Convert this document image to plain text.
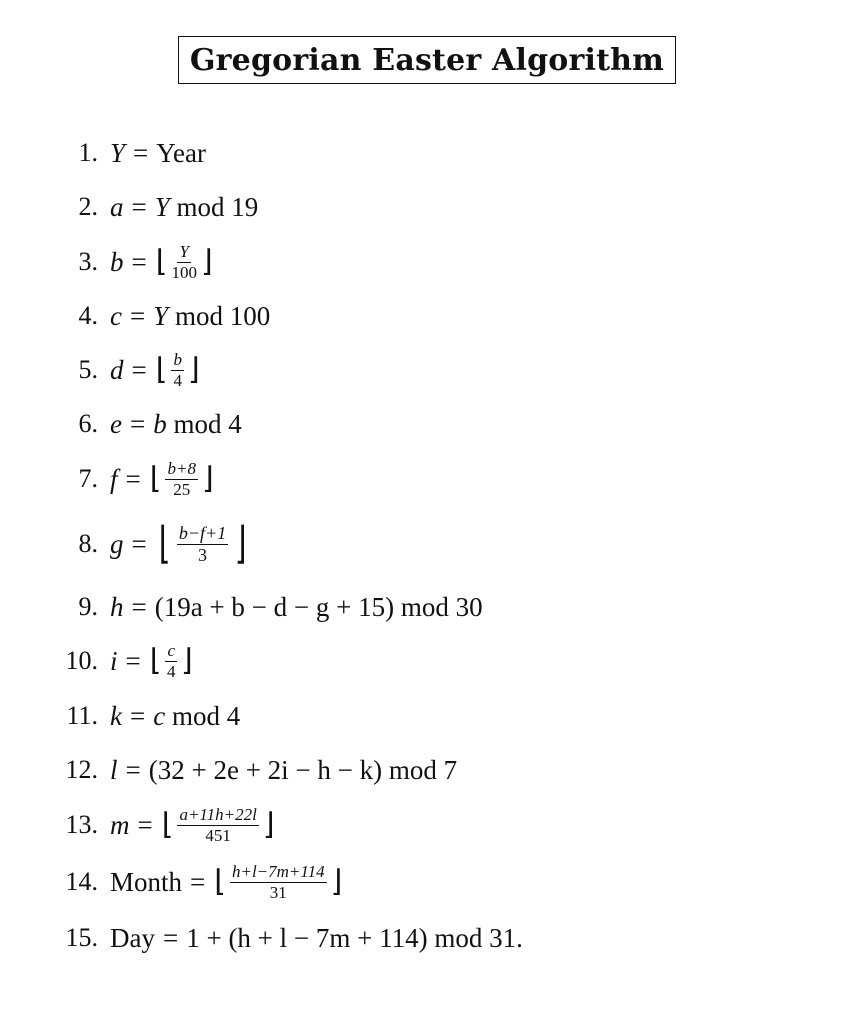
Gregorian Easter Algorithm
1. Y = Year
2. a = Y
mod 19
3. b = ⌊ $\frac{Y}{100}$ ⌋
4. c = Y
mod 100
5. d = ⌊ $\frac{b}{4}$ ⌋
6. e = b
mod 4
7. f = ⌊ $\frac{b+8}{25}$ ⌋
8. g = ⌊ $\frac{b-f+1}{3}$ ⌋
9. h = (19a + b − d − g + 15) mod 30
10. i = ⌊ $\frac{c}{4}$ ⌋
11. k = c
mod 4
12. l = (32 + 2e + 2i − h − k) mod 7
13. m = ⌊ $\frac{a+11h+22l}{451}$ ⌋
14. Month = ⌊ $\frac{h+l-7m+114}{31}$ ⌋
15. Day = 1 + (h + l − 7m + 114) mod 31.
